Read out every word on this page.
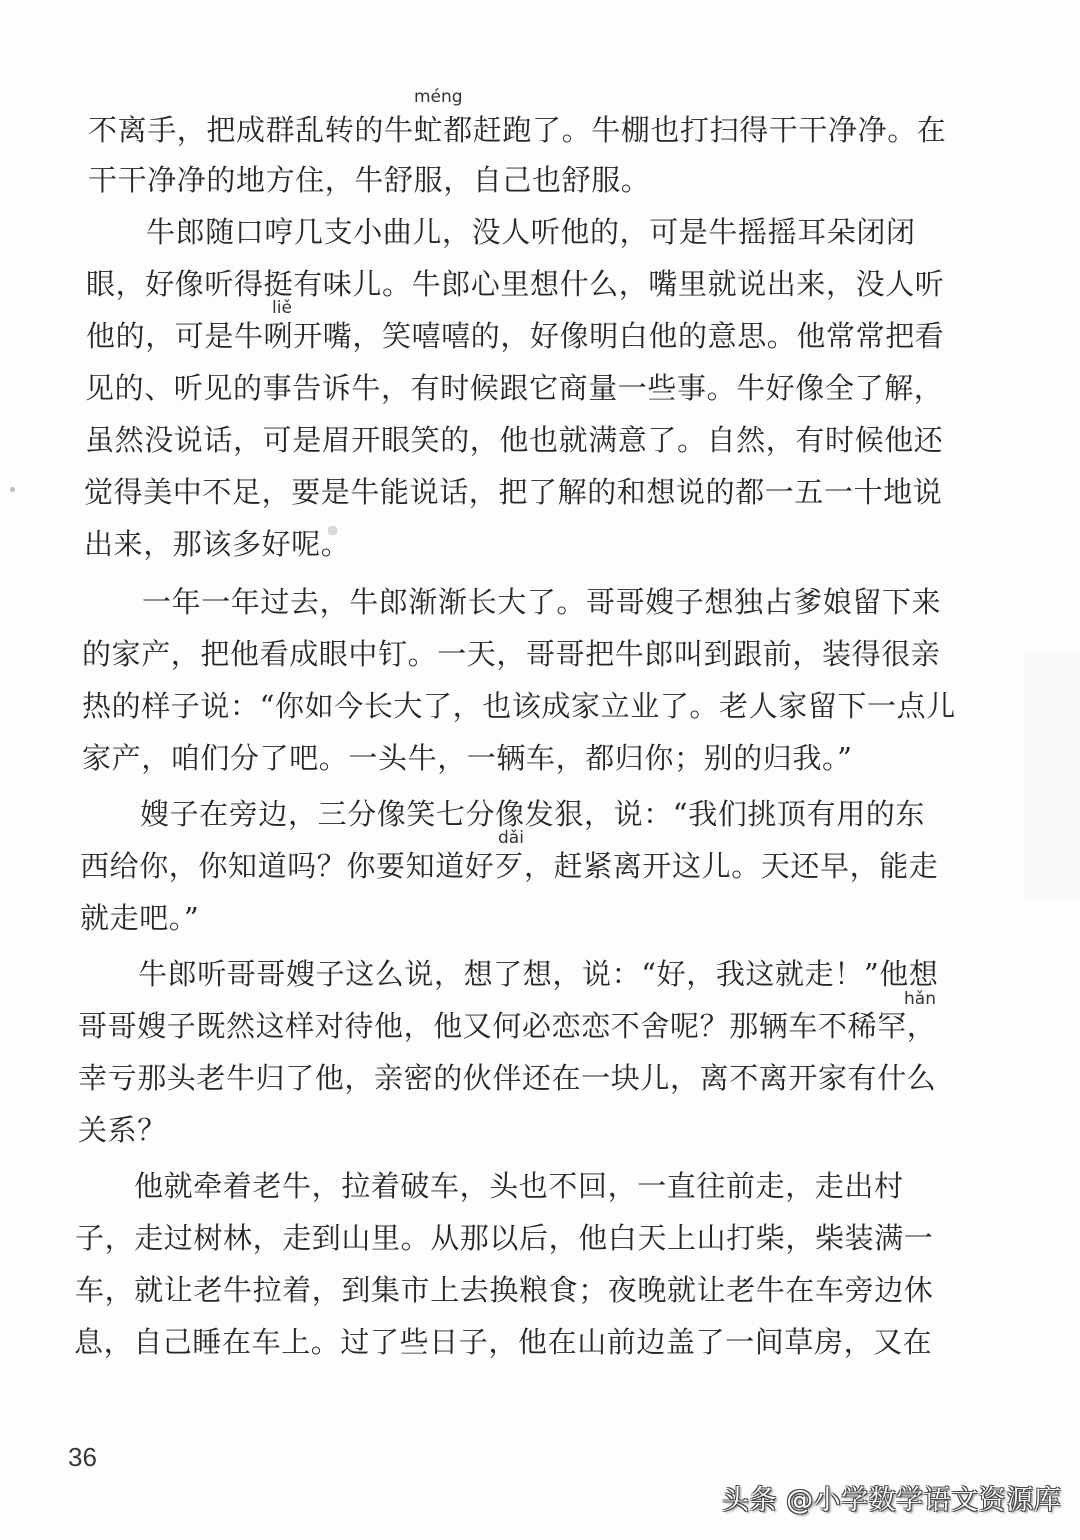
不离手，把成群乱转的牛虻都赶跑了。牛棚也打扫得干干净净。在
干干净净的地方住，牛舒服，自己也舒服。
牛郎随口哼几支小曲儿，没人听他的，可是牛摇摇耳朵闭闭
眼，好像听得挺有味儿。牛郎心里想什么，嘴里就说出来，没人听
他的，可是牛咧开嘴，笑嘻嘻的，好像明白他的意思。他常常把看
见的、听见的事告诉牛，有时候跟它商量一些事。牛好像全了解，
虽然没说话，可是眉开眼笑的，他也就满意了。自然，有时候他还
觉得美中不足，要是牛能说话，把了解的和想说的都一五一十地说
出来，那该多好呢。
一年一年过去，牛郎渐渐长大了。哥哥嫂子想独占爹娘留下来
的家产，把他看成眼中钉。一天，哥哥把牛郎叫到跟前，装得很亲
热的样子说：“你如今长大了，也该成家立业了。老人家留下一点儿
家产，咱们分了吧。一头牛，一辆车，都归你；别的归我。”
嫂子在旁边，三分像笑七分像发狠，说：“我们挑顶有用的东
西给你，你知道吗？你要知道好歹，赶紧离开这儿。天还早，能走
就走吧。”
牛郎听哥哥嫂子这么说，想了想，说：“好，我这就走！”他想
哥哥嫂子既然这样对待他，他又何必恋恋不舍呢？那辆车不稀罕，
幸亏那头老牛归了他，亲密的伙伴还在一块儿，离不离开家有什么
关系？
他就牵着老牛，拉着破车，头也不回，一直往前走，走出村
子，走过树林，走到山里。从那以后，他白天上山打柴，柴装满一
车，就让老牛拉着，到集市上去换粮食；夜晚就让老牛在车旁边休
息，自己睡在车上。过了些日子，他在山前边盖了一间草房，又在
méng
liě
dǎi
hǎn
36
头条 @小学数学语文资源库
